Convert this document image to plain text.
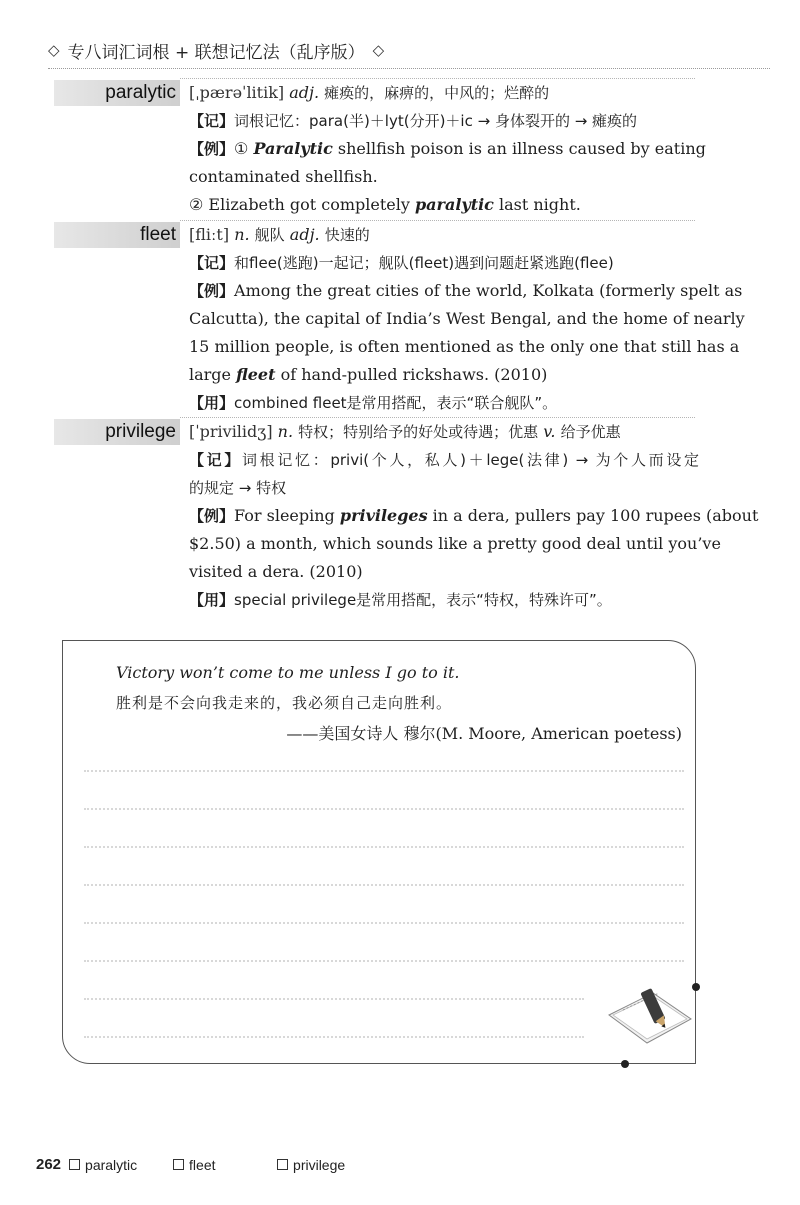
◇ 专八词汇词根 + 联想记忆法（乱序版） ◇
paralytic [ˌpærəˈlitik] adj. 瘫痪的，麻痹的，中风的；烂醉的
【记】词根记忆：para(半)＋lyt(分开)＋ic → 身体裂开的 → 瘫痪的
【例】① Paralytic shellfish poison is an illness caused by eating
contaminated shellfish.
② Elizabeth got completely paralytic last night.
fleet [fliːt] n. 舰队 adj. 快速的
【记】和flee(逃跑)一起记；舰队(fleet)遇到问题赶紧逃跑(flee)
【例】Among the great cities of the world, Kolkata (formerly spelt as
Calcutta), the capital of India’s West Bengal, and the home of nearly
15 million people, is often mentioned as the only one that still has a
large fleet of hand-pulled rickshaws. (2010)
【用】combined fleet是常用搭配，表示“联合舰队”。
privilege [ˈprivilidʒ] n. 特权；特别给予的好处或待遇；优惠 v. 给予优惠
【记】词根记忆：privi(个人，私人)＋lege(法律) → 为个人而设定
的规定 → 特权
【例】For sleeping privileges in a dera, pullers pay 100 rupees (about
$2.50) a month, which sounds like a pretty good deal until you’ve
visited a dera. (2010)
【用】special privilege是常用搭配，表示“特权，特殊许可”。
Victory won’t come to me unless I go to it.
胜利是不会向我走来的，我必须自己走向胜利。
——美国女诗人 穆尔(M. Moore, American poetess)
262 paralytic	fleet	privilege
